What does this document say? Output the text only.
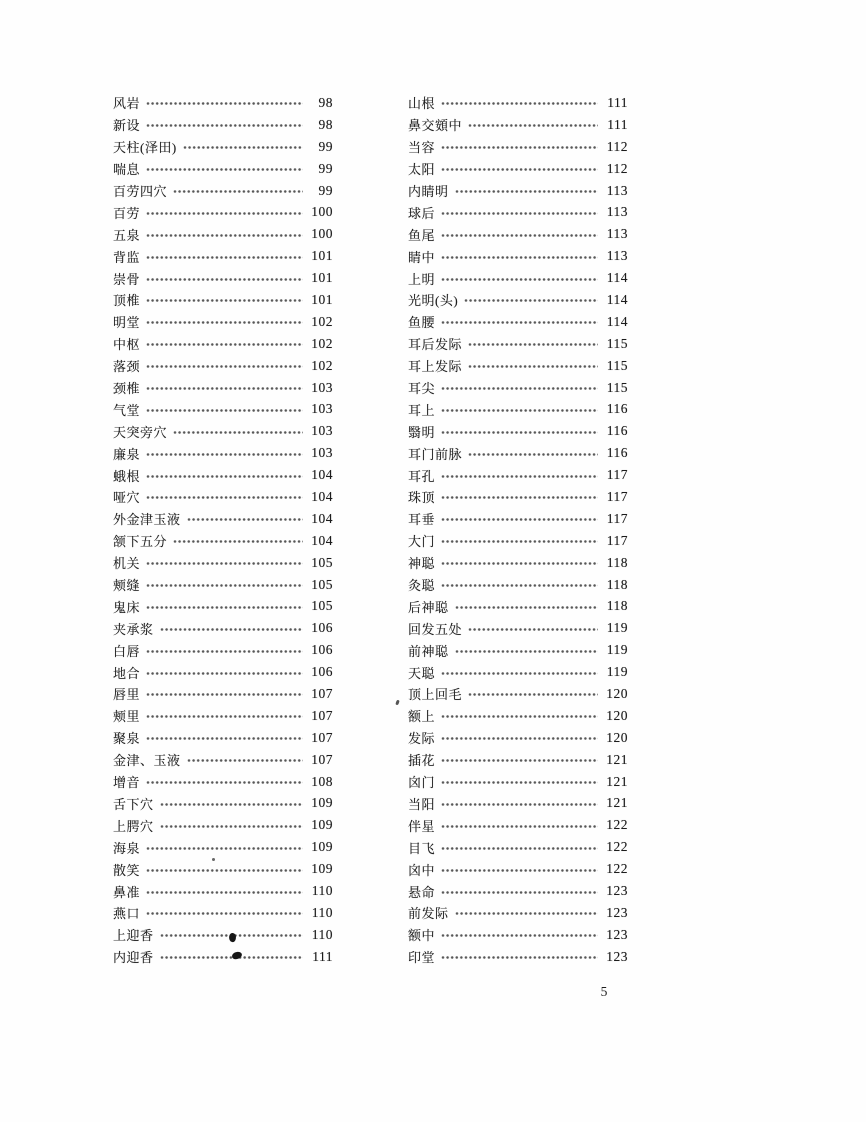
风岩	98
新设	98
天柱(泽田)	99
喘息	99
百劳四穴	99
百劳	100
五泉	100
背监	101
崇骨	101
顶椎	101
明堂	102
中枢	102
落颈	102
颈椎	103
气堂	103
天突旁穴	103
廉泉	103
蛾根	104
哑穴	104
外金津玉液	104
颔下五分	104
机关	105
颊缝	105
鬼床	105
夹承浆	106
白唇	106
地合	106
唇里	107
颊里	107
聚泉	107
金津、玉液	107
增音	108
舌下穴	109
上腭穴	109
海泉	109
散笑	109
鼻准	110
燕口	110
上迎香	110
内迎香	111
山根	111
鼻交頞中	111
当容	112
太阳	112
内睛明	113
球后	113
鱼尾	113
睛中	113
上明	114
光明(头)	114
鱼腰	114
耳后发际	115
耳上发际	115
耳尖	115
耳上	116
翳明	116
耳门前脉	116
耳孔	117
珠顶	117
耳垂	117
大门	117
神聪	118
灸聪	118
后神聪	118
回发五处	119
前神聪	119
天聪	119
顶上回毛	120
额上	120
发际	120
插花	121
囟门	121
当阳	121
伴星	122
目飞	122
囟中	122
悬命	123
前发际	123
额中	123
印堂	123
5
